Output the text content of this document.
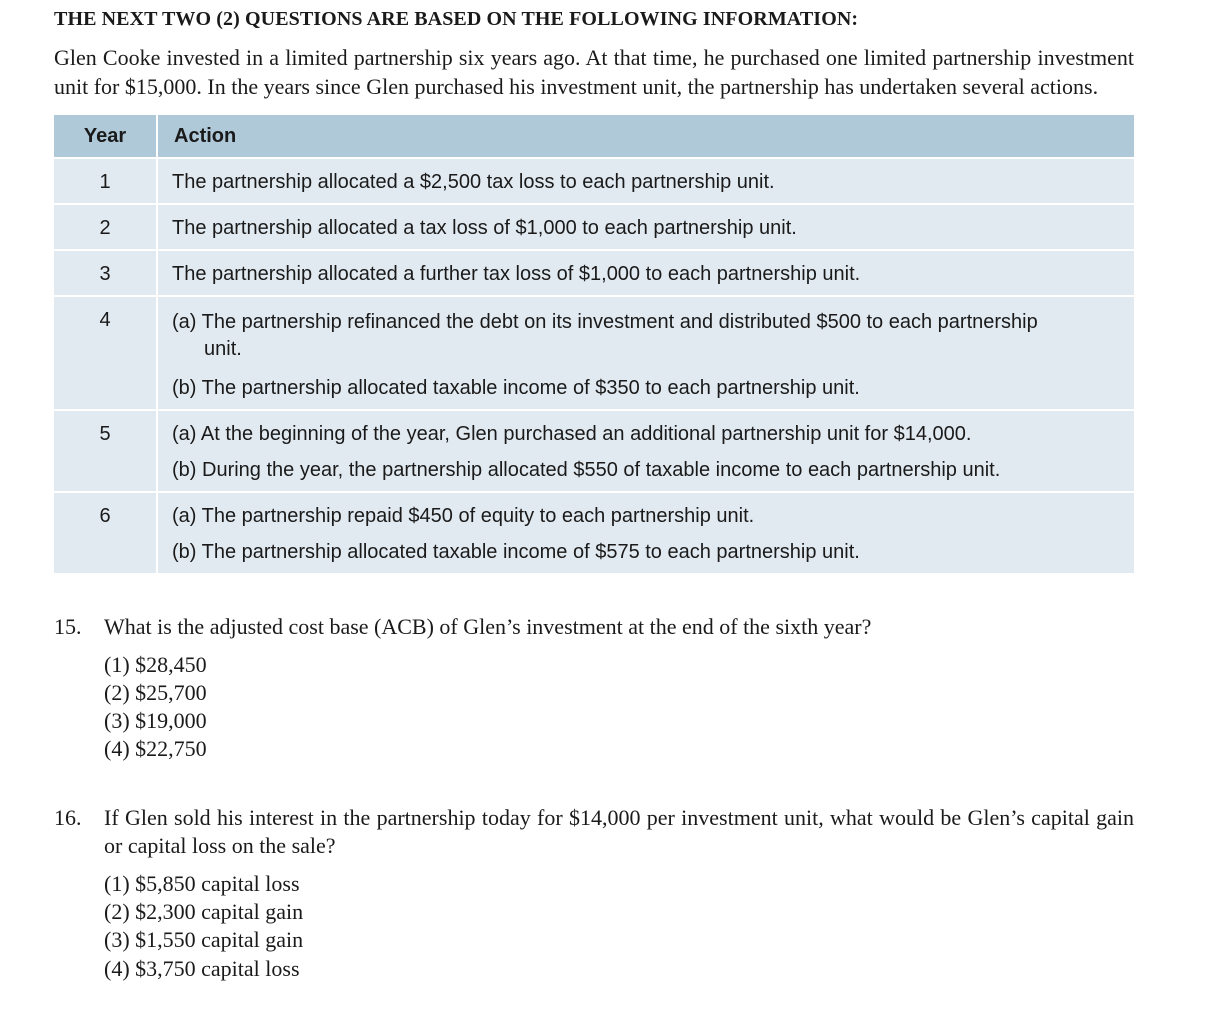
THE NEXT TWO (2) QUESTIONS ARE BASED ON THE FOLLOWING INFORMATION:
Glen Cooke invested in a limited partnership six years ago. At that time, he purchased one limited partnership investment unit for $15,000. In the years since Glen purchased his investment unit, the partnership has undertaken several actions.
Year	Action
1	The partnership allocated a $2,500 tax loss to each partnership unit.

2	The partnership allocated a tax loss of $1,000 to each partnership unit.

3	The partnership allocated a further tax loss of $1,000 to each partnership unit.

4	(a) The partnership refinanced the debt on its investment and distributed $500 to each partnership unit.
(b) The partnership allocated taxable income of $350 to each partnership unit.

5	(a) At the beginning of the year, Glen purchased an additional partnership unit for $14,000.
(b) During the year, the partnership allocated $550 of taxable income to each partnership unit.

6	(a) The partnership repaid $450 of equity to each partnership unit.
(b) The partnership allocated taxable income of $575 to each partnership unit.
15. What is the adjusted cost base (ACB) of Glen’s investment at the end of the sixth year?
(1) $28,450
(2) $25,700
(3) $19,000
(4) $22,750
16. If Glen sold his interest in the partnership today for $14,000 per investment unit, what would be Glen’s capital gain or capital loss on the sale?
(1) $5,850 capital loss
(2) $2,300 capital gain
(3) $1,550 capital gain
(4) $3,750 capital loss
